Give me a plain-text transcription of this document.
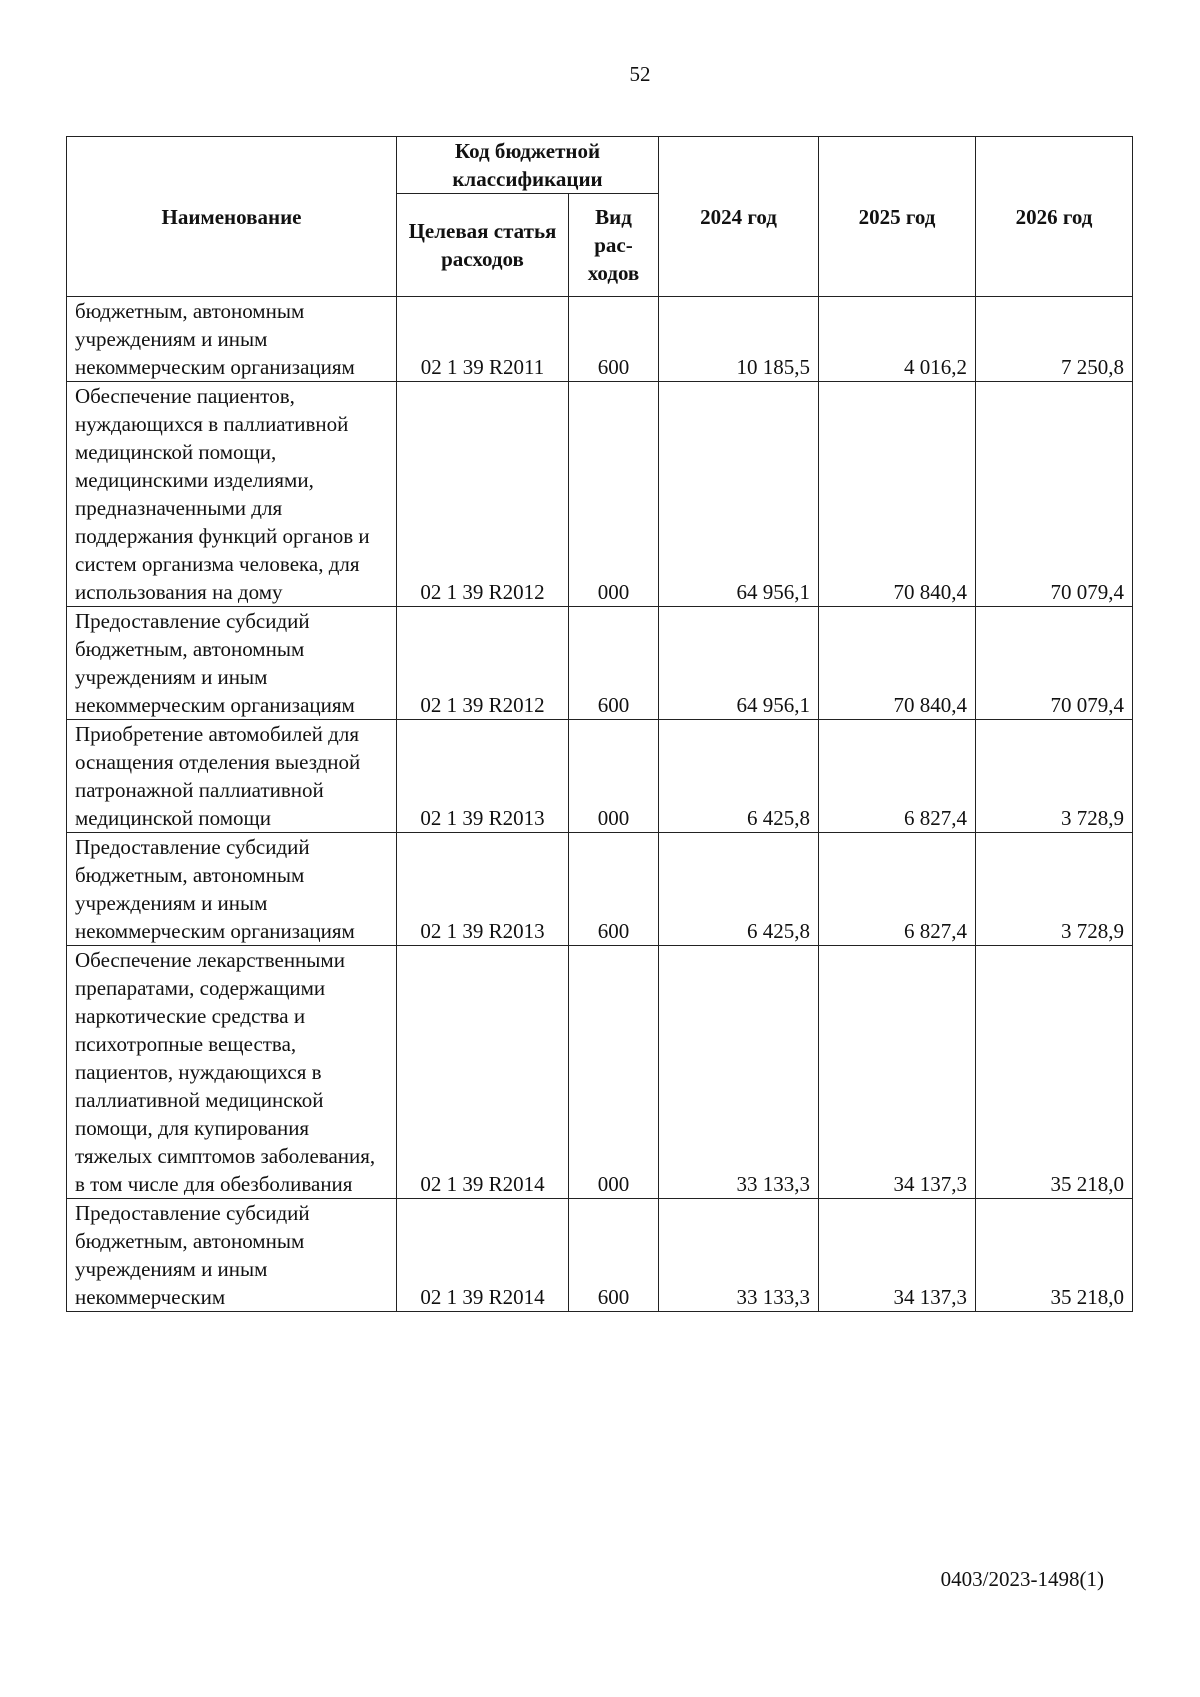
52
Наименование	Код бюджетной классификации		2024 год	2025 год	2026 год
	Целевая статья расходов	Вид рас-ходов			
бюджетным, автономным учреждениям и иным некоммерческим организациям	02 1 39 R2011	600	10 185,5	4 016,2	7 250,8
Обеспечение пациентов, нуждающихся в паллиативной медицинской помощи, медицинскими изделиями, предназначенными для поддержания функций органов и систем организма человека, для использования на дому	02 1 39 R2012	000	64 956,1	70 840,4	70 079,4
Предоставление субсидий бюджетным, автономным учреждениям и иным некоммерческим организациям	02 1 39 R2012	600	64 956,1	70 840,4	70 079,4
Приобретение автомобилей для оснащения отделения выездной патронажной паллиативной медицинской помощи	02 1 39 R2013	000	6 425,8	6 827,4	3 728,9
Предоставление субсидий бюджетным, автономным учреждениям и иным некоммерческим организациям	02 1 39 R2013	600	6 425,8	6 827,4	3 728,9
Обеспечение лекарственными препаратами, содержащими наркотические средства и психотропные вещества, пациентов, нуждающихся в паллиативной медицинской помощи, для купирования тяжелых симптомов заболевания, в том числе для обезболивания	02 1 39 R2014	000	33 133,3	34 137,3	35 218,0
Предоставление субсидий бюджетным, автономным учреждениям и иным некоммерческим	02 1 39 R2014	600	33 133,3	34 137,3	35 218,0
0403/2023-1498(1)
